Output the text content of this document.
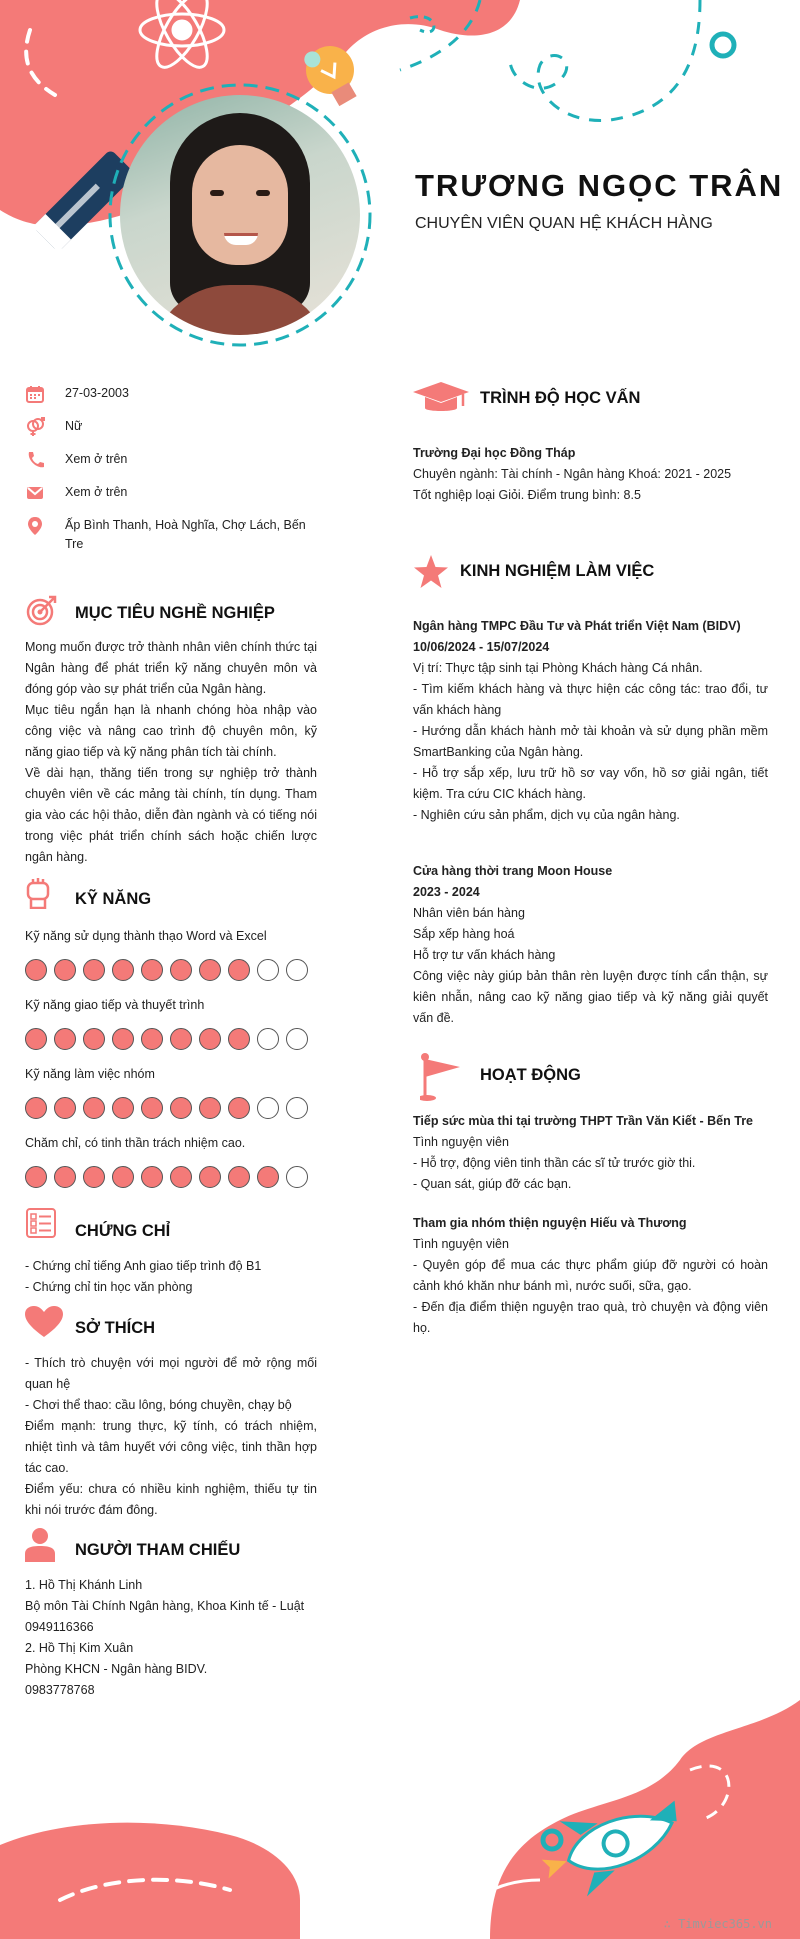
TRƯƠNG NGỌC TRÂN
CHUYÊN VIÊN QUAN HỆ KHÁCH HÀNG
27-03-2003
Nữ
Xem ở trên
Xem ở trên
Ấp Bình Thanh, Hoà Nghĩa, Chợ Lách, Bến Tre
MỤC TIÊU NGHỀ NGHIỆP

Mong muốn được trở thành nhân viên chính thức tại Ngân hàng để phát triển kỹ năng chuyên môn và đóng góp vào sự phát triển của Ngân hàng.

Mục tiêu ngắn hạn là nhanh chóng hòa nhập vào công việc và nâng cao trình độ chuyên môn, kỹ năng giao tiếp và kỹ năng phân tích tài chính.

Về dài hạn, thăng tiến trong sự nghiệp trở thành chuyên viên về các mảng tài chính, tín dụng. Tham gia vào các hội thảo, diễn đàn ngành và có tiếng nói trong việc phát triển chính sách hoặc chiến lược ngân hàng.

KỸ NĂNG
Kỹ năng sử dụng thành thạo Word và Excel
Kỹ năng giao tiếp và thuyết trình
Kỹ năng làm việc nhóm
Chăm chỉ, có tinh thần trách nhiệm cao.
CHỨNG CHỈ

- Chứng chỉ tiếng Anh giao tiếp trình độ B1

- Chứng chỉ tin học văn phòng

SỞ THÍCH

- Thích trò chuyện với mọi người để mở rộng mối quan hệ

- Chơi thể thao: cầu lông, bóng chuyền, chạy bộ

Điểm mạnh: trung thực, kỹ tính, có trách nhiệm, nhiệt tình và tâm huyết với công việc, tinh thần hợp tác cao.

Điểm yếu: chưa có nhiều kinh nghiệm, thiếu tự tin khi nói trước đám đông.

NGƯỜI THAM CHIẾU

1. Hồ Thị Khánh Linh

Bộ môn Tài Chính Ngân hàng, Khoa Kinh tế - Luật

0949116366

2. Hồ Thị Kim Xuân

Phòng KHCN - Ngân hàng BIDV.

0983778768

TRÌNH ĐỘ HỌC VẤN

Trường Đại học Đồng Tháp

Chuyên ngành: Tài chính - Ngân hàng Khoá: 2021 - 2025

Tốt nghiệp loại Giỏi. Điểm trung bình: 8.5

KINH NGHIỆM LÀM VIỆC

Ngân hàng TMPC Đầu Tư và Phát triển Việt Nam (BIDV)

10/06/2024 - 15/07/2024

Vị trí: Thực tập sinh tại Phòng Khách hàng Cá nhân.

- Tìm kiếm khách hàng và thực hiện các công tác: trao đổi, tư vấn khách hàng

- Hướng dẫn khách hành mở tài khoản và sử dụng phần mềm SmartBanking của Ngân hàng.

- Hỗ trợ sắp xếp, lưu trữ hồ sơ vay vốn, hồ sơ giải ngân, tiết kiệm. Tra cứu CIC khách hàng.

- Nghiên cứu sản phẩm, dịch vụ của ngân hàng.

Cửa hàng thời trang Moon House

2023 - 2024

Nhân viên bán hàng

Sắp xếp hàng hoá

Hỗ trợ tư vấn khách hàng

Công việc này giúp bản thân rèn luyện được tính cẩn thận, sự kiên nhẫn, nâng cao kỹ năng giao tiếp và kỹ năng giải quyết vấn đề.

HOẠT ĐỘNG

Tiếp sức mùa thi tại trường THPT Trần Văn Kiết - Bến Tre

Tình nguyện viên

- Hỗ trợ, động viên tinh thần các sĩ tử trước giờ thi.

- Quan sát, giúp đỡ các bạn.

Tham gia nhóm thiện nguyện Hiếu và Thương

Tình nguyện viên

- Quyên góp để mua các thực phẩm giúp đỡ người có hoàn cảnh khó khăn như bánh mì, nước suối, sữa, gạo.

- Đến địa điểm thiện nguyện trao quà, trò chuyện và động viên họ.

∴ Timviec365.vn
